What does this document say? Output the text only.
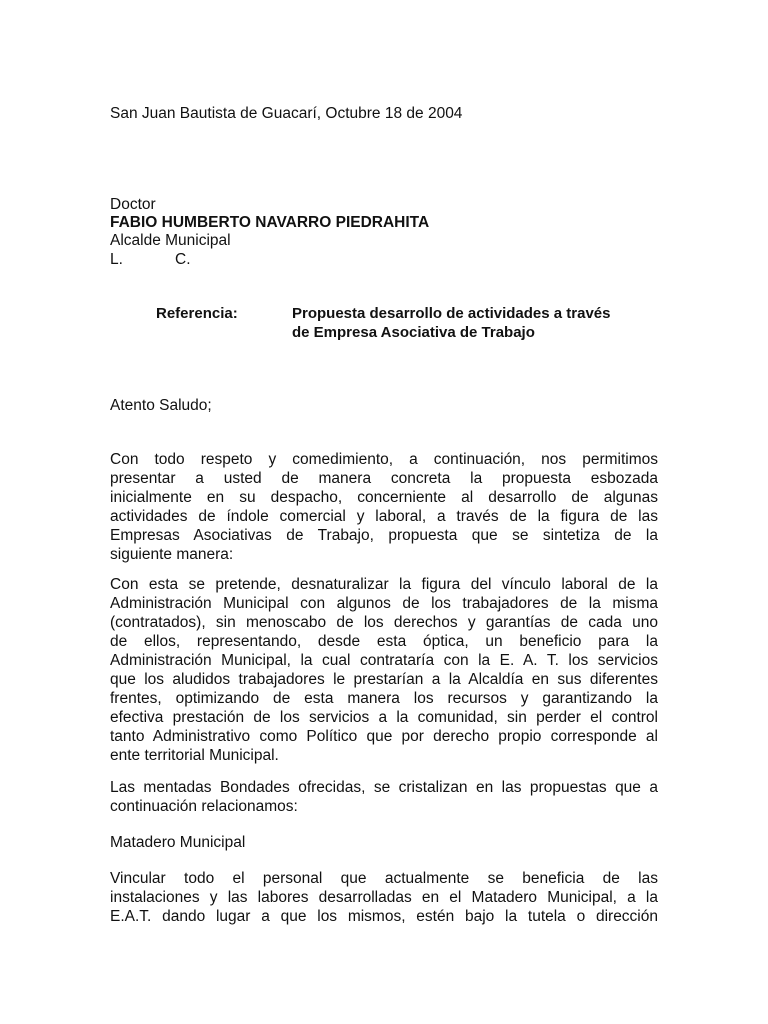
San Juan Bautista de Guacarí, Octubre 18 de 2004
Doctor
FABIO HUMBERTO NAVARRO PIEDRAHITA
Alcalde Municipal
L.	C.
Referencia:	Propuesta desarrollo de actividades a través
de Empresa Asociativa de Trabajo
Atento Saludo;
Con todo respeto y comedimiento, a continuación, nos permitimos
presentar a usted de manera concreta la propuesta esbozada
inicialmente en su despacho, concerniente al desarrollo de algunas
actividades de índole comercial y laboral, a través de la figura de las
Empresas Asociativas de Trabajo, propuesta que se sintetiza de la
siguiente manera:
Con esta se pretende, desnaturalizar la figura del vínculo laboral de la
Administración Municipal con algunos de los trabajadores de la misma
(contratados), sin menoscabo de los derechos y garantías de cada uno
de ellos, representando, desde esta óptica, un beneficio para la
Administración Municipal, la cual contrataría con la E. A. T. los servicios
que los aludidos trabajadores le prestarían a la Alcaldía en sus diferentes
frentes, optimizando de esta manera los recursos y garantizando la
efectiva prestación de los servicios a la comunidad, sin perder el control
tanto Administrativo como Político que por derecho propio corresponde al
ente territorial Municipal.
Las mentadas Bondades ofrecidas, se cristalizan en las propuestas que a
continuación relacionamos:
Matadero Municipal
Vincular todo el personal que actualmente se beneficia de las
instalaciones y las labores desarrolladas en el Matadero Municipal, a la
E.A.T. dando lugar a que los mismos, estén bajo la tutela o dirección
